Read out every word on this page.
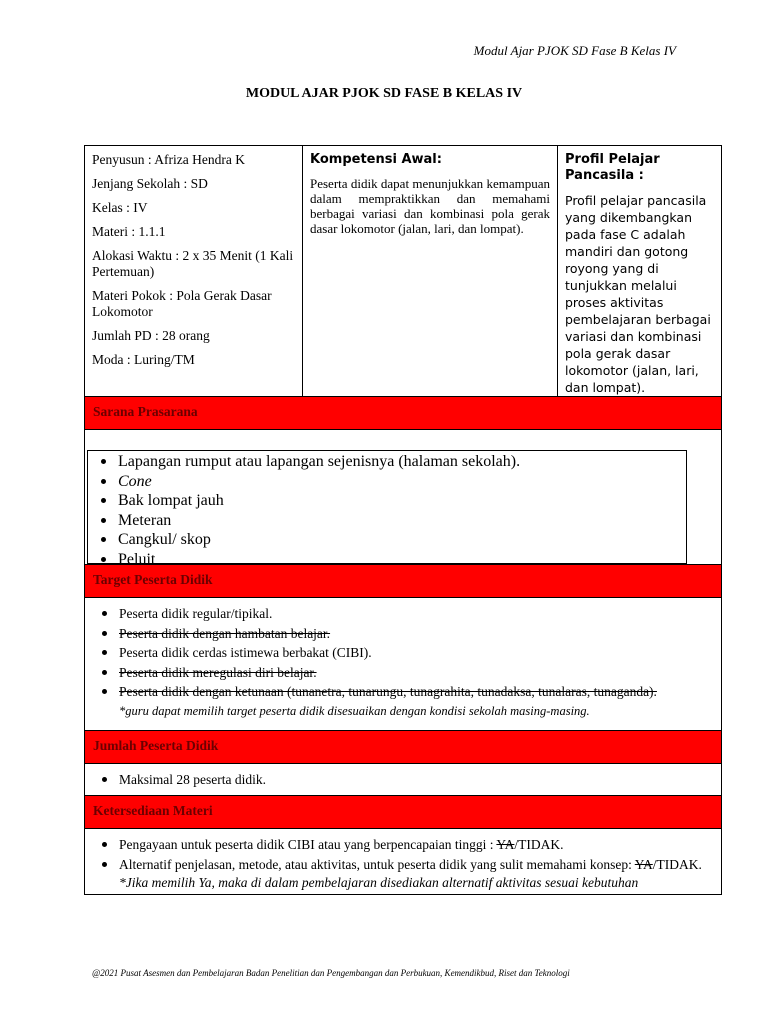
Modul Ajar PJOK SD Fase B Kelas IV
MODUL AJAR PJOK SD FASE B KELAS IV

Penyusun : Afriza Hendra K

Jenjang Sekolah : SD

Kelas : IV

Materi : 1.1.1

Alokasi Waktu : 2 x 35 Menit (1 Kali Pertemuan)

Materi Pokok : Pola Gerak Dasar Lokomotor

Jumlah PD : 28 orang

Moda : Luring/TM

Kompetensi Awal:
Peserta didik dapat menunjukkan kemampuan dalam mempraktikkan dan memahami berbagai variasi dan kombinasi pola gerak dasar lokomotor (jalan, lari, dan lompat).
Profil Pelajar Pancasila :
Profil pelajar pancasila yang dikembangkan pada fase C adalah mandiri dan gotong royong yang di tunjukkan melalui proses aktivitas pembelajaran berbagai variasi dan kombinasi pola gerak dasar lokomotor (jalan, lari, dan lompat).
Sarana Prasarana
Lapangan rumput atau lapangan sejenisnya (halaman sekolah).
Cone
Bak lompat jauh
Meteran
Cangkul/ skop
Peluit
Target Peserta Didik
Peserta didik regular/tipikal.
Peserta didik dengan hambatan belajar.
Peserta didik cerdas istimewa berbakat (CIBI).
Peserta didik meregulasi diri belajar.
Peserta didik dengan ketunaan (tunanetra, tunarungu, tunagrahita, tunadaksa, tunalaras, tunaganda).
*guru dapat memilih target peserta didik disesuaikan dengan kondisi sekolah masing-masing.
Jumlah Peserta Didik
Maksimal 28 peserta didik.
Ketersediaan Materi
Pengayaan untuk peserta didik CIBI atau yang berpencapaian tinggi : YA/TIDAK.
Alternatif penjelasan, metode, atau aktivitas, untuk peserta didik yang sulit memahami konsep: YA/TIDAK.
*Jika memilih Ya, maka di dalam pembelajaran disediakan alternatif aktivitas sesuai kebutuhan
@2021 Pusat Asesmen dan Pembelajaran Badan Penelitian dan Pengembangan dan Perbukuan, Kemendikbud, Riset dan Teknologi
